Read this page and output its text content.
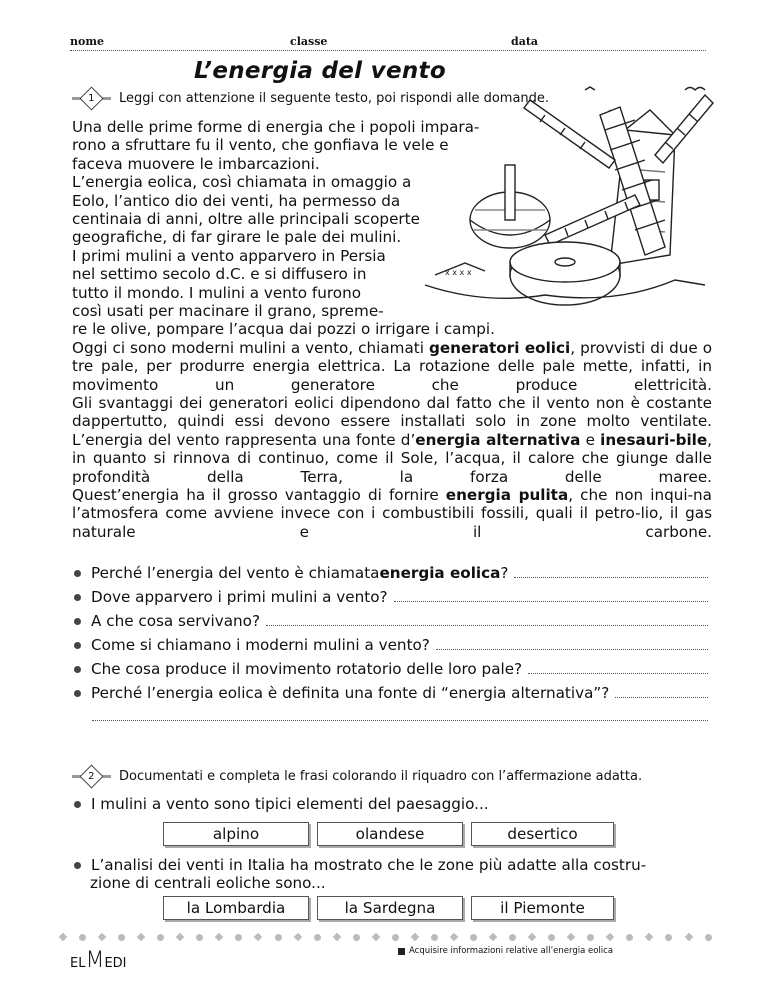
nome	classe	data
L’energia del vento
x x x x
1 Leggi con attenzione il seguente testo, poi rispondi alle domande.
Una delle prime forme di energia che i popoli impara-
rono a sfruttare fu il vento, che gonfiava le vele e
faceva muovere le imbarcazioni.
L’energia eolica, così chiamata in omaggio a
Eolo, l’antico dio dei venti, ha permesso da
centinaia di anni, oltre alle principali scoperte
geografiche, di far girare le pale dei mulini.
I primi mulini a vento apparvero in Persia
nel settimo secolo d.C. e si diffusero in
tutto il mondo. I mulini a vento furono
così usati per macinare il grano, spreme-
re le olive, pompare l’acqua dai pozzi o irrigare i campi.
Oggi ci sono moderni mulini a vento, chiamati generatori eolici, provvisti di due o tre pale, per produrre energia elettrica. La rotazione delle pale mette, infatti, in movimento un generatore che produce elettricità.
Gli svantaggi dei generatori eolici dipendono dal fatto che il vento non è costante dappertutto, quindi essi devono essere installati solo in zone molto ventilate.
L’energia del vento rappresenta una fonte d’energia alternativa e inesauri-bile, in quanto si rinnova di continuo, come il Sole, l’acqua, il calore che giunge dalle profondità della Terra, la forza delle maree.
Quest’energia ha il grosso vantaggio di fornire energia pulita, che non inqui-na l’atmosfera come avviene invece con i combustibili fossili, quali il petro-lio, il gas naturale e il carbone.
Perché l’energia del vento è chiamata energia eolica ?
Dove apparvero i primi mulini a vento?
A che cosa servivano?
Come si chiamano i moderni mulini a vento?
Che cosa produce il movimento rotatorio delle loro pale?
Perché l’energia eolica è definita una fonte di “energia alternativa”?
2 Documentati e completa le frasi colorando il riquadro con l’affermazione adatta.
I mulini a vento sono tipici elementi del paesaggio...
alpino	olandese	desertico
L’analisi dei venti in Italia ha mostrato che le zone più adatte alla costru-
zione di centrali eoliche sono...
la Lombardia	la Sardegna	il Piemonte
ELMEDI
Acquisire informazioni relative all’energia eolica
